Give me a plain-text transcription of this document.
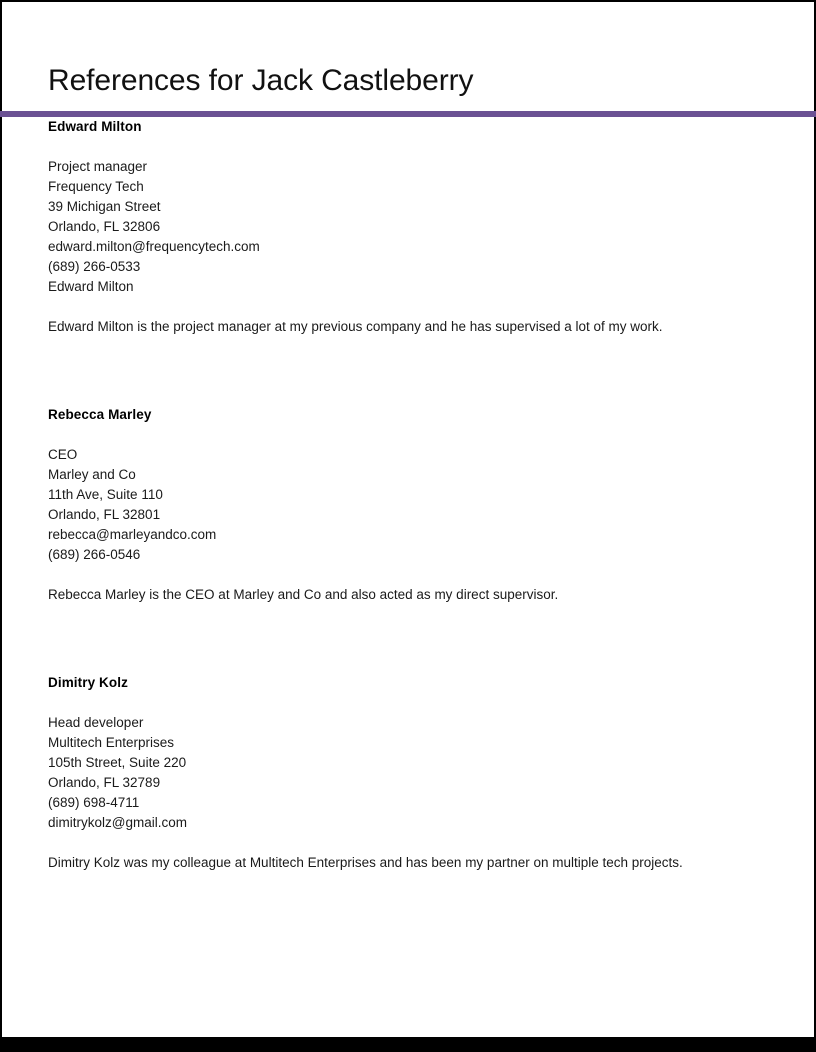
References for Jack Castleberry
Edward Milton
Project manager
Frequency Tech
39 Michigan Street
Orlando, FL 32806
edward.milton@frequencytech.com
(689) 266-0533
Edward Milton

Edward Milton is the project manager at my previous company and he has supervised a lot of my work.

Rebecca Marley
CEO
Marley and Co
11th Ave, Suite 110
Orlando, FL 32801
rebecca@marleyandco.com
(689) 266-0546

Rebecca Marley is the CEO at Marley and Co and also acted as my direct supervisor.

Dimitry Kolz
Head developer
Multitech Enterprises
105th Street, Suite 220
Orlando, FL 32789
(689) 698-4711
dimitrykolz@gmail.com

Dimitry Kolz was my colleague at Multitech Enterprises and has been my partner on multiple tech projects.
